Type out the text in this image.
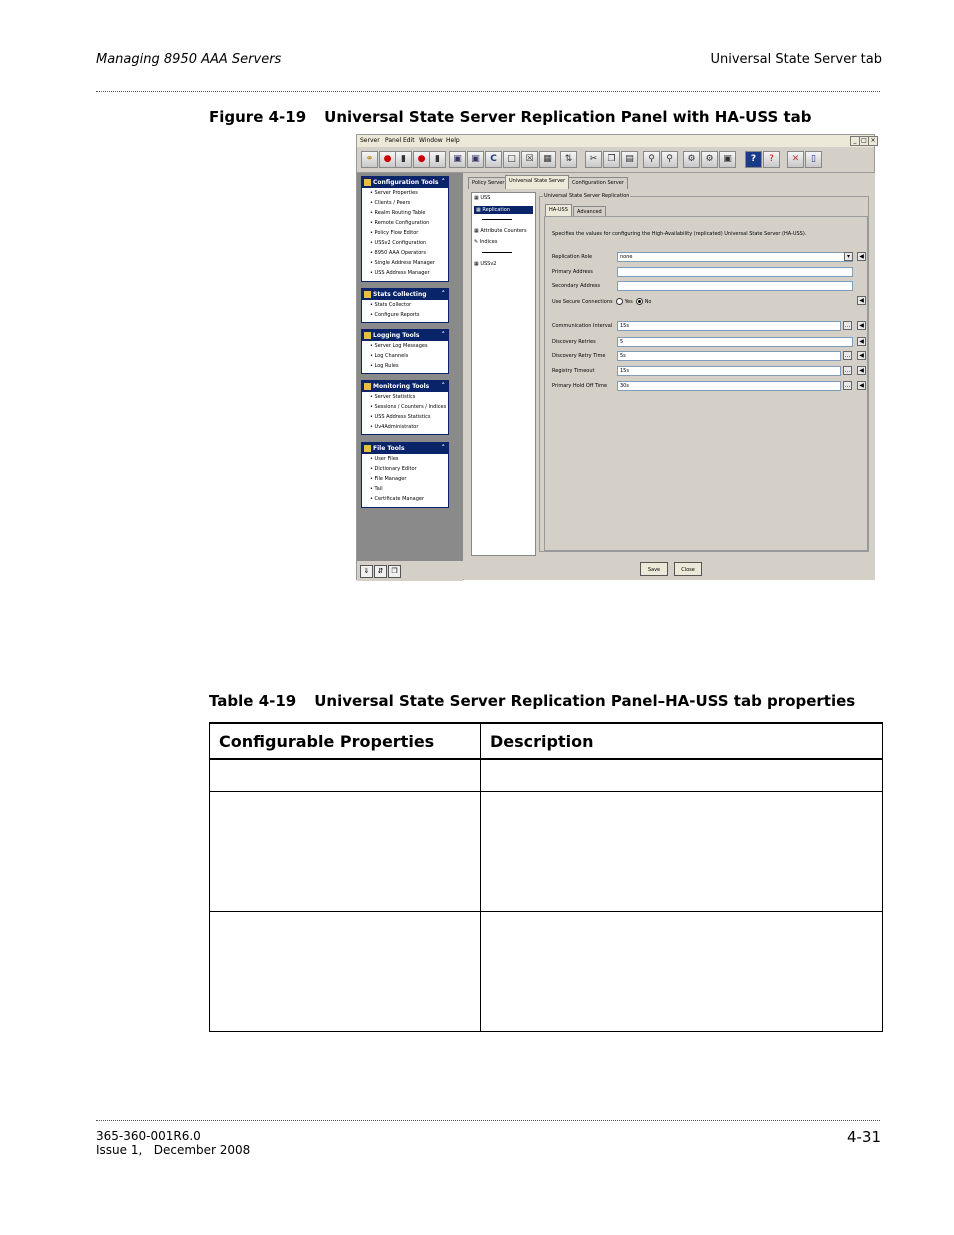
Managing 8950 AAA Servers	Universal State Server tab
Figure 4-19 Universal State Server Replication Panel with HA-USS tab
Server Panel Edit Window Help	_ □ ×
⚭	●	▮	●	▮	▣	▣	C	□	☒	▦	⇅	✂	❐	▤	⚲	⚲	⚙	⚙	▣	?	?	✕	▯
Configuration Tools ˄
• Server Properties
• Clients / Peers
• Realm Routing Table
• Remote Configuration
• Policy Flow Editor
• USSv2 Configuration
• 8950 AAA Operators
• Single Address Manager
• USS Address Manager
Stats Collecting ˄
• Stats Collector
• Configure Reports
Logging Tools	˄
• Server Log Messages
• Log Channels
• Log Rules
Monitoring Tools ˄
• Server Statistics
• Sessions / Counters / Indices
• USS Address Statistics
• Uv4Administrator
File Tools	˄
• User Files
• Dictionary Editor
• File Manager
• Tail
• Certificate Manager
⇓	⇵	❐
Policy Server Universal State Server	Configuration Server
▦ USS
▦ Replication
▦ Attribute Counters
✎ Indices
▦ USSv2
Universal State Server Replication
HA-USS	Advanced
Specifies the values for configuring the High-Availability (replicated) Universal State Server (HA-USS).
Replication Role	none	▾	◀
Primary Address
Secondary Address
Use Secure Connections Yes No	◀
Communication Interval	15s	…	◀
Discovery Retries	5	◀
Discovery Retry Time	5s	…	◀
Registry Timeout	15s	…	◀
Primary Hold Off Time	30s	…	◀
Save	Close
Table 4-19 Universal State Server Replication Panel–HA-USS tab properties
Configurable Properties	Description

365-360-001R6.0
Issue 1,   December 2008
4-31
